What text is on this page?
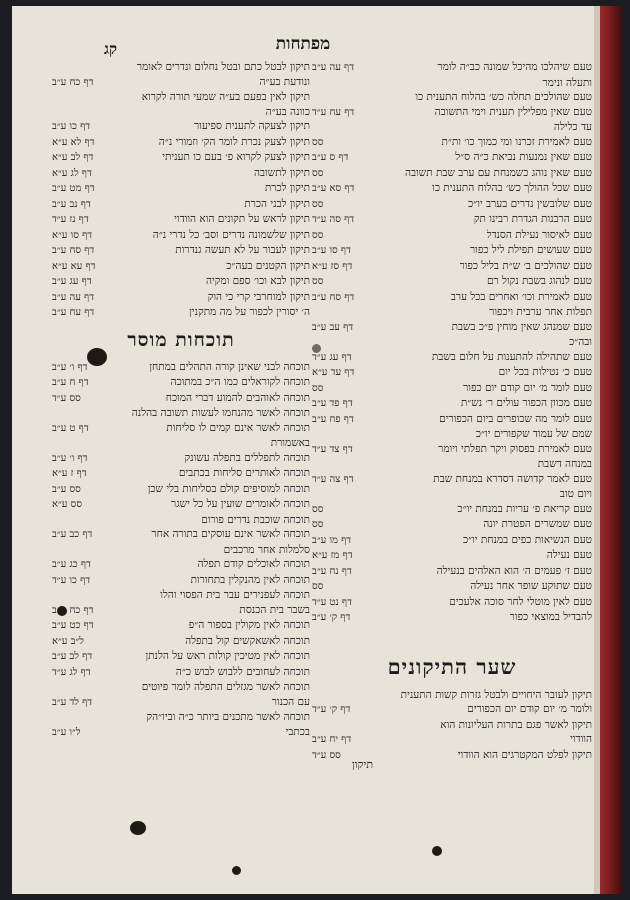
מפתחות
קג
טעם שיהלכו מהיכל שמונה כב״ה לומר
דף עה ע״ב
ותעלה ונימר
טעם שהולכים תחלה כש׳ בהלוח התענית כו
טעם שאין מפלילין תענית וימי התשובה
דף עח ע״ד
עד כלילה
טעם לאמירת זכרנו ומי כמוך כו׳ ות״ת
סס
טעם שאין נמנעות נביאת כ״ה ס״ל
דף ס ע״ב
טעם שאין נוהג כשמנחת עם ערב שבת תשובה
סס
טעם שכל ההולך כש׳ בהלוח התענית כו
דף סא ע״ב
טעם שלובשין נדרים בערב יו״כ
סס
טעם הרבנות הגדרת רבינו תק
דף סה ע״ד
טעם לאיסור נעילת הסנדל
סס
טעם שעושים תפילת ליל כפור
דף סו ע״ב
טעם שהולכים ב׳ ש״ת בליל כפור
דף סז ע״א
טעם לנהוג בשבת נקול רם
סס
טעם לאמירת וכו׳ ואחרים בכל ערב
דף סח ע״ב
תפלות אחר ערבית ויכפור
טעם שמנהג שאין מוחין פ״כ בשבת
דף עב ע״ב
ובה״כ
טעם שתהילה להתענות על חלום בשבת
דף עג ע״ד
טעם כ׳ נטילות בכל יום
דף עד ע״א
טעם לומר מ׳ יום קודם יום כפור
סס
טעם מכוון הכפור עולים ר׳ נש״ת
דף פד ע״ב
טעם לומר מה שכופרים ביום הכפורים
דף פח ע״ב
שמם של עמוד שקפורים יו״כ
טעם לאמירת בפסוק ויקר תפלתי ויומר
דף צד ע״ד
במנחה דשבת
טעם לאמר קדושה דסדרא במנחת שבת
דף צה ע״ד
ויום טוב
טעם קריאת פ׳ עריות במנחת יו״כ
סס
טעם שמשרים הפטרת יונה
סס
טעם הנשיאות כפים במנחת יו״כ
דף מו ע״ב
טעם נעילה
דף מז ע״א
טעם ז׳ פעמים ה׳ הוא האלהים בנעילה
דף נח ע״ב
טעם שתוקע שופר אחר נעילה
סס
טעם לאין מוטלי לחר סוכה אלעכים
דף נט ע״ד
להבדיל במוצאי כפור
דף ק׳ ע״ב
שער התיקונים
תיקון לעובר היחויים ולבטל גזרות קשות התענית
ולומר מ׳ יום קודם יום הכפורים
דף ק׳ ע״ד
תיקון לאשר פגם בתרות העליונות הוא
הוודוי
דף יח ע״ב
תיקון לפלט המקטרגים הוא הוודוי
סס ע״ד
תיקון לבטל כתם ובטל נחלום ונדרים לאומר
ונודעת בע״ה
דף כח ע״ב
תיקון לאין בפעם בע״ה שמעי תורה לקרוא
כוונה בע״ה
תיקון לצעקה לתענית ספיעור
דף כו ע״ב
תיקון לצעק נכרת לומר הק׳ וזמורי נ״ה
דף לא ע״א
תיקון לצעק לקרוא פ׳ בעם כו תעניתי
דף לב ע״א
תיקון לתשובה
דף לג ע״א
תיקון לכרת
דף מט ע״ב
תיקון לבני הכרת
דף נב ע״ב
תיקון לראש על תקונים הוא הוודוי
דף נז ע״ד
תיקון שלשמונה נדרים וסב׳ כל נדרי נ״ה
דף סו ע״א
תיקון לעבור על לא תעשה גנדרות
דף סח ע״ב
תיקון הקטנים בעה״כ
דף עא ע״א
תיקון לבא וכו׳ ספם ומקיה
דף עג ע״ב
תיקון למוחרבי קרי כי הוק
דף עה ע״ב
ה׳ יסורין לכפור על מה מתקנין
דף עח ע״ב
תוכחות מוסר
תוכחה לבני שאינן קורה התהלים במתחן
דף ו׳ ע״ב
תוכחה לקוראלים כמו ה״כ במתוכה
דף ח ע״ב
תוכחה לאוהבים להמוע דברי המוכח
סס ע״ד
תוכחה לאשר מהנחמו לעשות תשובה בהלנה
תוכחה לאשר אינם קמים לו סליחות
דף ט ע״ב
באשמורת
תוכחה לתפללים בתפלה עשונק
דף ו׳ ע״ב
תוכחה לאותרים סליחות בכתבים
דף ז ע״א
תוכחה למוסיפים קולם בסליחות בלי שכן
סס ע״ב
תוכחה לאומרים שועין על כל ישגר
סס ע״א
תוכחה שוכבת נדרים פורום
תוכחה לאשר אינם עוסקים בתורה אחר
דף כב ע״ב
סלמלות אחר מרכבים
תוכחה לאוכלים קודם תפלה
דף כג ע״ב
תוכחה לאין מהנקלין בתחורות
דף כו ע״ד
תוכחה לעפנירים עבר בית הפסוי והלו
בשבר בית הכנסת
דף כח ע״ב
תוכחה לאין מקולין בספור ה״פ
דף כט ע״ב
תוכחה לאשאקשים קול בתפלה
ל״ב ע״א
תוכחה לאין מטיכין קולות ראש על הלנתן
דף לב ע״ב
תוכחה לעחובים ללבוש לבוש כ״ה
דף לג ע״ד
תוכחה לאשר מגזלים התפלה לומר פיוטים
עם הכנור
דף לד ע״ב
תוכחה לאשר מתכנים ביותר כ״ה וביו״הק
בכתבי
ל״ו ע״ב
תיקון
